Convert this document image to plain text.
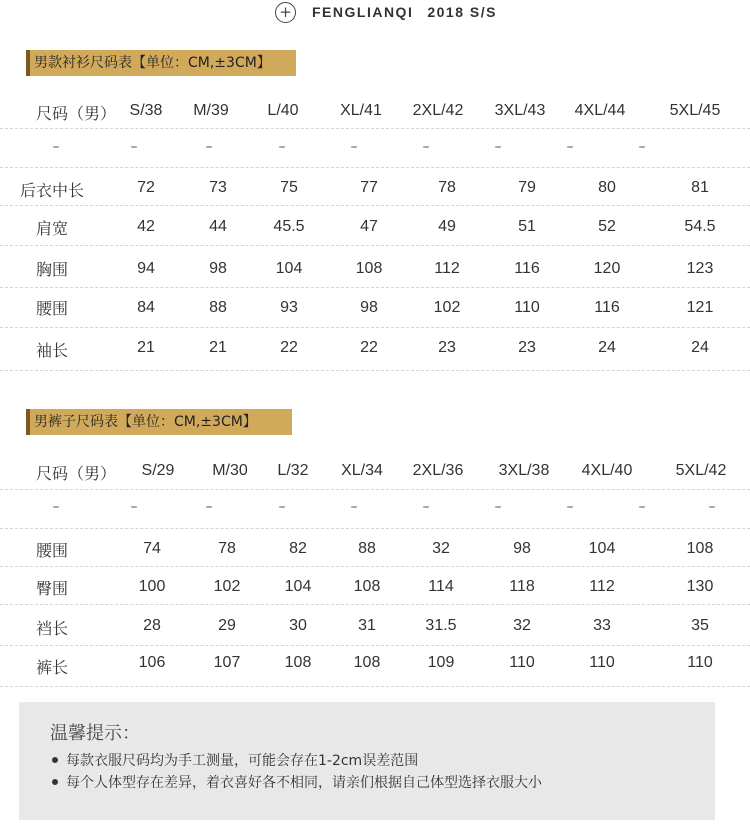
+	FENGLIANQI 2018 S/S
男款衬衫尺码表【单位：CM,±3CM】
尺码（男） S/38 M/39 L/40	XL/41 2XL/42 3XL/43 4XL/44	5XL/45
–	–	–	–	–	–	–	–	–
后衣中长	72	73	75	77	78	79	80	81
肩宽	42	44	45.5	47	49	51	52	54.5
胸围	94	98	104	108	112	116	120	123
腰围	84	88	93	98	102	110	116	121
袖长	21	21	22	22	23	23	24	24
男裤子尺码表【单位：CM,±3CM】
尺码（男） S/29 M/30 L/32 XL/34 2XL/36 3XL/38 4XL/40	5XL/42
–	–	–	–	–	–	–	–	–	–
腰围	74	78	82	88	32	98	104	108
臀围	100	102	104	108	114	118	112	130
裆长	28	29	30	31	31.5	32	33	35
裤长	106	107	108	108	109	110	110	110
温馨提示：
每款衣服尺码均为手工测量，可能会存在1-2cm误差范围
每个人体型存在差异，着衣喜好各不相同，请亲们根据自己体型选择衣服大小
